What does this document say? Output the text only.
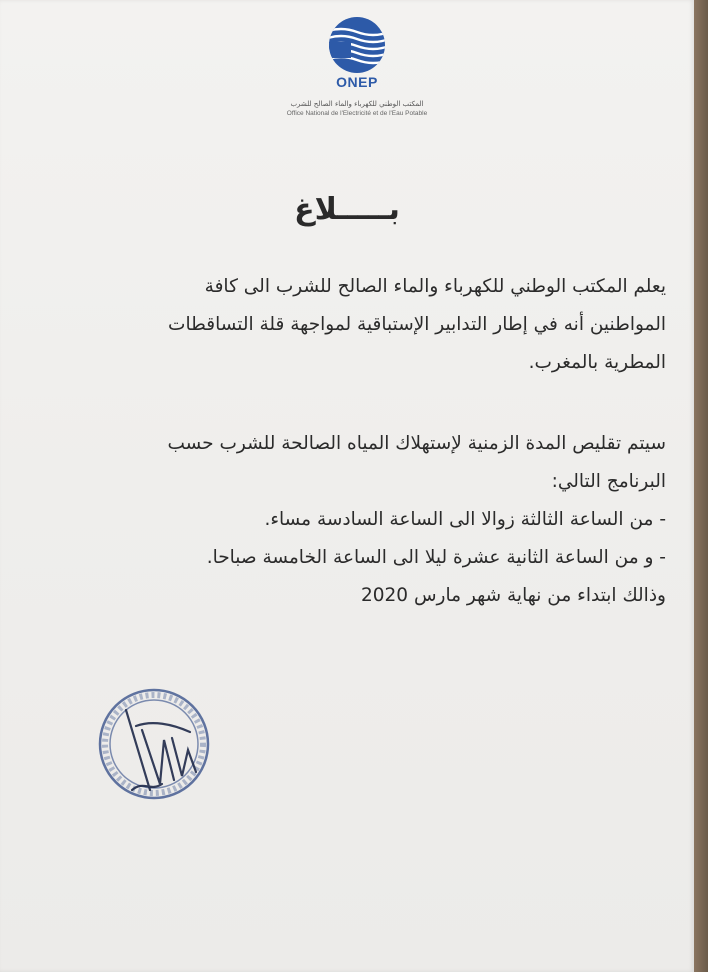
ONEP
المكتب الوطني للكهرباء والماء الصالح للشرب
Office National de l'Electricité et de l'Eau Potable
بـــــلاغ
يعلم المكتب الوطني للكهرباء والماء الصالح للشرب الى كافة
المواطنين أنه في إطار التدابير الإستباقية لمواجهة قلة التساقطات
المطرية بالمغرب.
سيتم تقليص المدة الزمنية لإستهلاك المياه الصالحة للشرب حسب
البرنامج التالي:
- من الساعة الثالثة زوالا الى الساعة السادسة مساء.
- و من الساعة الثانية عشرة ليلا الى الساعة الخامسة صباحا.
وذالك ابتداء من نهاية شهر مارس 2020
